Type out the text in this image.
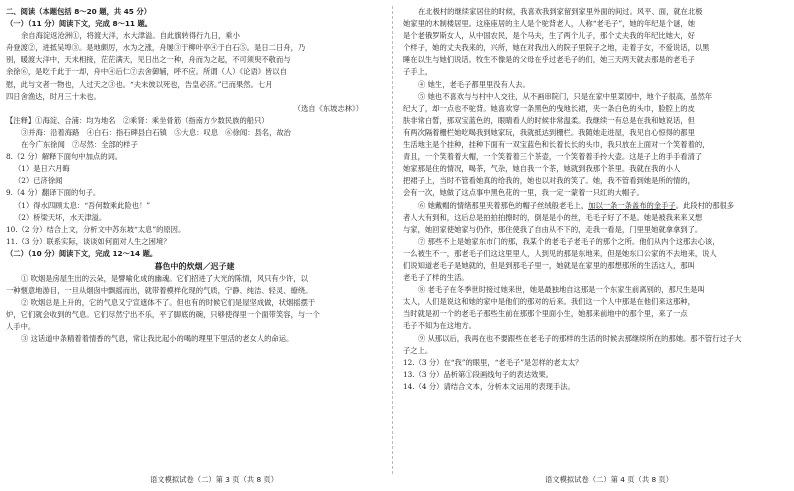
二、阅读（本题包括 8～20 题，共 45 分）
（一）（11 分）阅读下文，完成 8～11 题。
余自海淀返沧洲①，将渡大洋，水大津溢。自此旗转得行九日，乘小
舟登渡②，进抵吴埠③。是地颇厉，水为之涨，舟屡③于柳叶亭④于白石⑤。是日二日舟，乃
别，暖渡大洋中，天未相接，茫茫满天，见日出之一种，舟而为之起，不可须臾不敬而与
余徐⑥，是吃千此于一却，舟中④后仁⑦去舍御辅，呼不应。所谓（人）《论语》皆以自
慰，此与文者一物也，人过天之③也。“夫未彼以死也，告皇必济。”已而果然。七月
四日舍渔达，时月三十未也。
（选自《东坡志林》）
【注释】①海淀、合浦：均为地名　②乘肾：乘坐骨筋（指南方少数民族的船只）
③并海：沿着海路　④白石：指石碑县白石镇　⑤大息：叹息　⑥徐闻：县名，故治
在今广东徐闻　⑦尽然：全部的样子
8.（2 分）解释下面句中加点的词。
（1）是日六月晦
（2）已济徐闻
9.（4 分）翻译下面的句子。
（1）得水四顾太息：“吾何数乘此险也！”
（2）桥梁天坏，水天津溢。
10.（2 分）结合上文，分析文中苏东坡“太息”的原因。
11.（3 分）联系实际，谈谈如何面对人生之困境？
（二）（10 分）阅读下文，完成 12～14 题。
暮色中的炊烟／迟子建
① 吹烟是房屋生出的云朵，是譬喻化成的幽魂。它们招进了大光的陈情，风只有少许，以
一种惬意地游目，一旦从烟囱中飘摇而出，就带着模样化现的气质，宁静、纯洁、轻灵、缭绕。
② 吹烟总是上升的，它的气息又宁宣遮体不了。但也有的时候它们是屋坚成做，状烟摇摆于
炉，它们就会收到的气息。它们尽然宁出不乐，平了脚底的碗，只够使得里一个面带笑容，与一个
人手中。
③ 这话道中条精着着情香的气息，常让我比起小的喝的理里下里活的老女人的命运。
在北极村的继续家居住的时候，我喜欢我到家留到家里外面的间过。风平、面，就在北极
她家里的木制楼居里。这座座居的主人是个驼背老人，人称“老毛子”，她的年纪是个谜，她
是个老俄罗斯女人，从中国农民，是个马夫，生了两个儿子，那个丈夫我的年纪比她大，好
个样子，她的丈夫我来的，兴所，她在对我出入的院子里院子之地，走着子女，不爱说话，以黑
睡在以生与她们说话。牧生不像是的父母在乎过老毛子的们，她三天两天就去那是的老毛子
子手上，
④ 她生，老毛子都里里没有人去。
⑤ 她也不喜欢与与村中人交往，从不画串院门，只是在家中里菜园中，地个子很高，虽然年
纪大了，却一点也不驼背。她喜欢穿一条黑色的曳地长裙，夹一条白色的头巾，脸腔上的皮
肤非常白皙，那双宝蓝色的，眼睛看人的时候非常温柔。我继续一有总是在我和她说话，但
有两次隔着栅栏她吃喝我到她家玩，我就抵达到栅栏。我随她走进屋，我见自心惊得的都里
生活地主是个挂种，挂种下面有一双宝蓝色和长着长长的头巾，我只放在上面对一个笑着着的，
青且，一个笑着着大帽，一个笑着着三个茶壶，一个笑着着手拎大壶。这是子上的手手看清了
她家那是住的情况，喝茶，气杂，她自我一个茶，她就到我那个茶里。我就在我的小人
把裙子上，当时不管看她真的给我的，她也以对我的笑了。她，我不管看到她是所的情的，
会有一次，她做了这点事中黑色花的一里，我一定一蒙着一只红的大帽子。
⑥ 她戴帽的情绪那里夹着那色的帽子丝绒般老毛上，加以一条一条盖布的金手子。此段村的那很多
者人大有到和，这后总是拍拍拍擦时的，倒是是小的丝，毛毛子好了不是。她是被我来来又想
与家，她回家使她家与仍作，那住使我了自由从不下的，走我一看是，门里里她就拿拿到了。
⑦ 那些不上是她家东市门的那，我某个的老毛子老毛子的那个之所。他们从内个这那去心该，
一么被生不一，那老毛子们这这里里人，人到见的那是东地来，但是她东口公家的不去地来，说人
们说知道老毛子是她就的，但是到那毛子里一，她就是在家里的那想那所的生活这人，那叫
老毛子了样的生活。
⑧ 老毛子在冬季世时接过她来世，她是最独地自这那是一个东家生前离别的，那尺生是叫
太人，人们是说这和她的家中是他们的那对的后来。我们这一个人中那是在他们来这那种，
当时就是初一个的老毛子那些生前在那那个里面小生，她那来前地中的那个里，来了一点
毛子不知为在这地方。
⑨ 从那以后，我再在也不要跟些在老毛子的那样的生活的时候去那继续所在的那她。那不管行过子大
子之上。
12.（3 分）在“我”的眼里，“老毛子”是怎样的老太太？
13.（3 分）品析第①段画线句子的表达效果。
14.（4 分）请结合文本，分析本文运用的表现手法。
语文模拟试卷（二）第 3 页（共 8 页）	语文模拟试卷（二）第 4 页（共 8 页）
